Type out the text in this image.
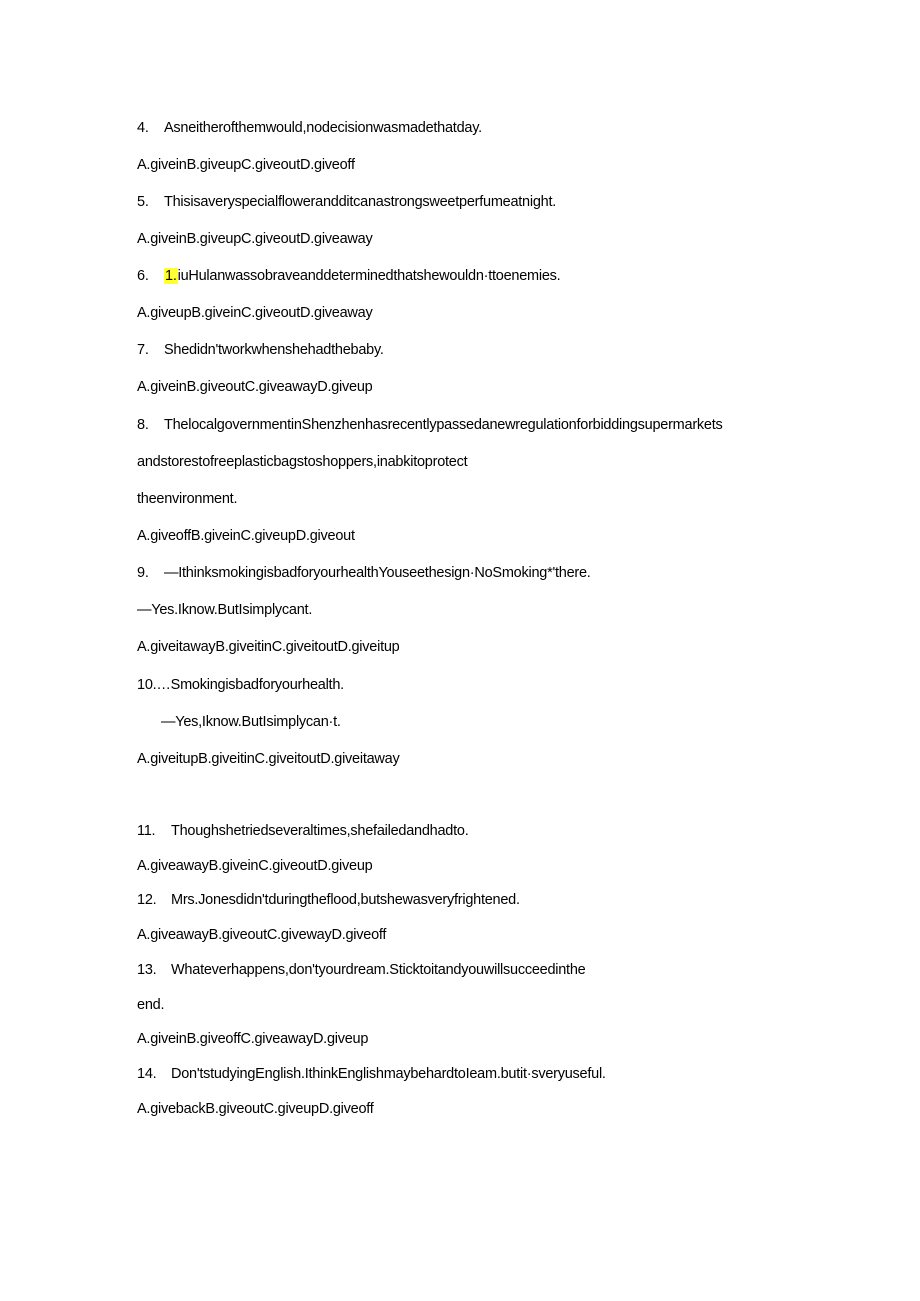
4. Asneitherofthemwould,nodecisionwasmadethatday.
A.giveinB.giveupC.giveoutD.giveoff
5. Thisisaveryspecialflowerandditcanastrongsweetperfumeatnight.
A.giveinB.giveupC.giveoutD.giveaway
6. 1.iuHulanwassobraveanddeterminedthatshewouldn·ttoenemies.
A.giveupB.giveinC.giveoutD.giveaway
7. Shedidn'tworkwhenshehadthebaby.
A.giveinB.giveoutC.giveawayD.giveup
8. ThelocalgovernmentinShenzhenhasrecentlypassedanewregulationforbiddingsupermarkets
andstorestofreeplasticbagstoshoppers,inabkitoprotect
theenvironment.
A.giveoffB.giveinC.giveupD.giveout
9. —IthinksmokingisbadforyourhealthYouseethesign·NoSmoking*'there.
—Yes.Iknow.ButIsimplycant.
A.giveitawayB.giveitinC.giveitoutD.giveitup
10.…Smokingisbadforyourhealth.
—Yes,Iknow.ButIsimplycan·t.
A.giveitupB.giveitinC.giveitoutD.giveitaway
11. Thoughshetriedseveraltimes,shefailedandhadto.
A.giveawayB.giveinC.giveoutD.giveup
12. Mrs.Jonesdidn'tduringtheflood,butshewasveryfrightened.
A.giveawayB.giveoutC.givewayD.giveoff
13. Whateverhappens,don'tyourdream.Sticktoitandyouwillsucceedinthe
end.
A.giveinB.giveoffC.giveawayD.giveup
14. Don'tstudyingEnglish.IthinkEnglishmaybehardtoIeam.butit·sveryuseful.
A.givebackB.giveoutC.giveupD.giveoff
